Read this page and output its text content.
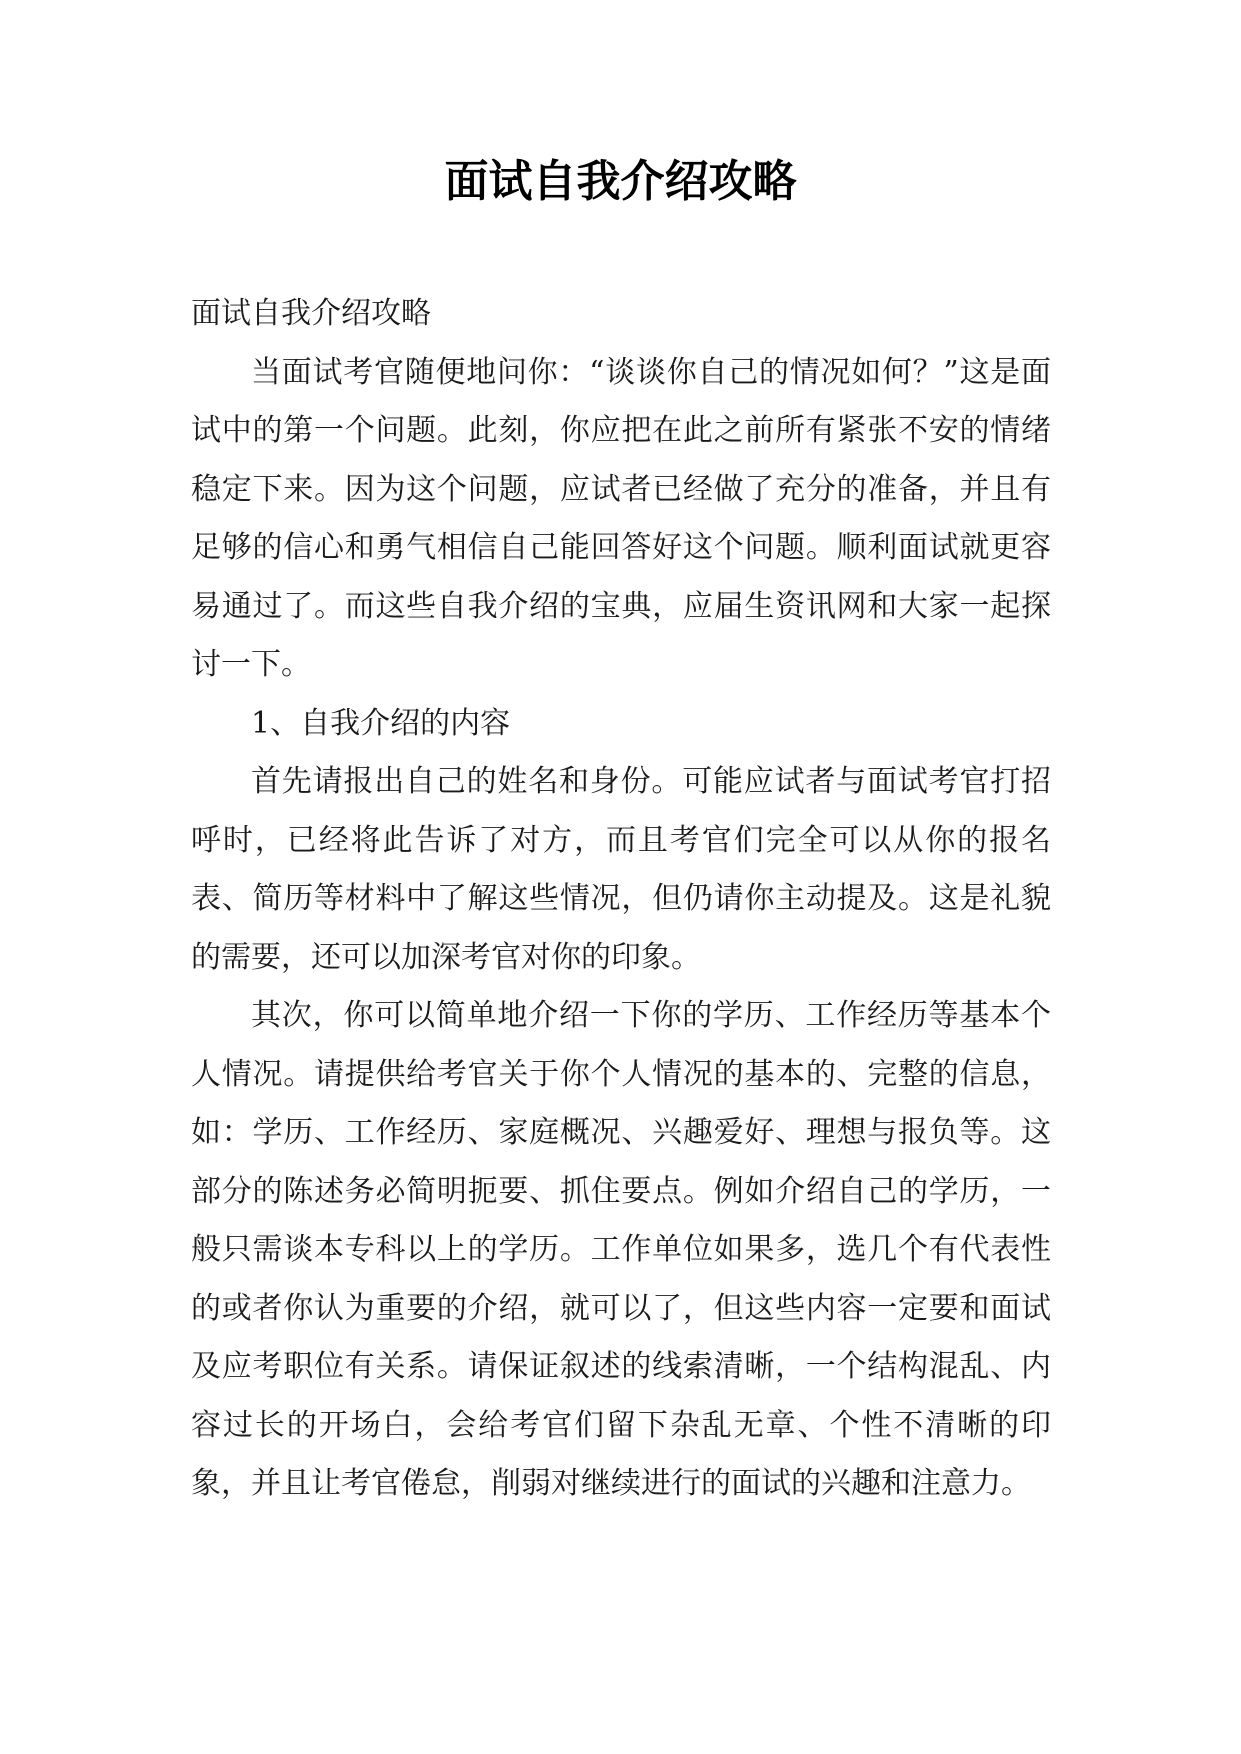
面试自我介绍攻略

面试自我介绍攻略

当面试考官随便地问你：“谈谈你自己的情况如何？”这是面试中的第一个问题。此刻，你应把在此之前所有紧张不安的情绪稳定下来。因为这个问题，应试者已经做了充分的准备，并且有足够的信心和勇气相信自己能回答好这个问题。顺利面试就更容易通过了。而这些自我介绍的宝典，应届生资讯网和大家一起探讨一下。

1、自我介绍的内容

首先请报出自己的姓名和身份。可能应试者与面试考官打招呼时，已经将此告诉了对方，而且考官们完全可以从你的报名表、简历等材料中了解这些情况，但仍请你主动提及。这是礼貌的需要，还可以加深考官对你的印象。

其次，你可以简单地介绍一下你的学历、工作经历等基本个人情况。请提供给考官关于你个人情况的基本的、完整的信息，如：学历、工作经历、家庭概况、兴趣爱好、理想与报负等。这部分的陈述务必简明扼要、抓住要点。例如介绍自己的学历，一般只需谈本专科以上的学历。工作单位如果多，选几个有代表性的或者你认为重要的介绍，就可以了，但这些内容一定要和面试及应考职位有关系。请保证叙述的线索清晰，一个结构混乱、内容过长的开场白，会给考官们留下杂乱无章、个性不清晰的印象，并且让考官倦怠，削弱对继续进行的面试的兴趣和注意力。
